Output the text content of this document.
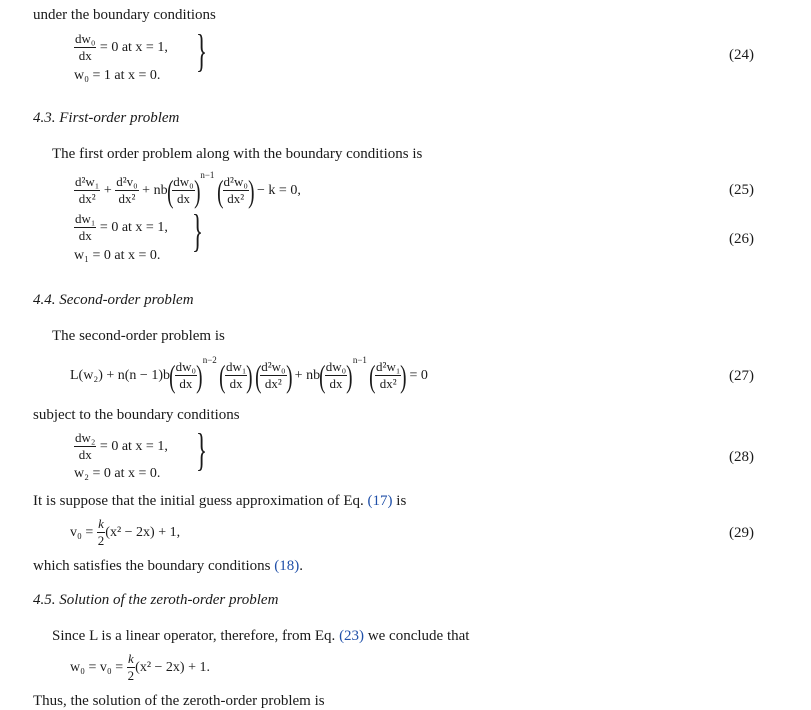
under the boundary conditions
$\frac{\text{dw₀}}{dx} = 0$ at x = 1,
w₀ = 1 at x = 0. }	(24)
4.3. First-order problem
The first order problem along with the boundary conditions is
$\frac{\text{d²w₁}}{\text{dx²}} + \frac{\text{d²v₀}}{\text{dx²}} + nb( \frac{\text{dw₀}}{dx} )^{n-1}$ ( $\frac{\text{d²w₀}}{\text{dx²}}$ ) − k = 0,	(25)
$\frac{\text{dw₁}}{dx} = 0$ at x = 1,
w₁ = 0 at x = 0. }	(26)
4.4. Second-order problem
The second-order problem is
$L(w_2) + n(n - 1)b( \frac{\text{dw₀}}{dx} )^{n-2}$ ( $\frac{\text{dw₁}}{dx}$ ) ( $\frac{\text{d²w₀}}{\text{dx²}}$ ) + $nb( \frac{\text{dw₀}}{dx} )^{n-1}$ ( $\frac{\text{d²w₁}}{\text{dx²}}$ ) = 0	(27)
subject to the boundary conditions
$\frac{\text{dw₂}}{dx} = 0$ at x = 1,
w₂ = 0 at x = 0. }	(28)
It is suppose that the initial guess approximation of Eq. (17) is
$v_0 = \frac{k}{2} (x^2 - 2x) + 1$,	(29)
which satisfies the boundary conditions (18).
4.5. Solution of the zeroth-order problem
Since L is a linear operator, therefore, from Eq. (23) we conclude that
$w_0 = v_0 = \frac{k}{2} (x^2 - 2x) + 1$.
Thus, the solution of the zeroth-order problem is
